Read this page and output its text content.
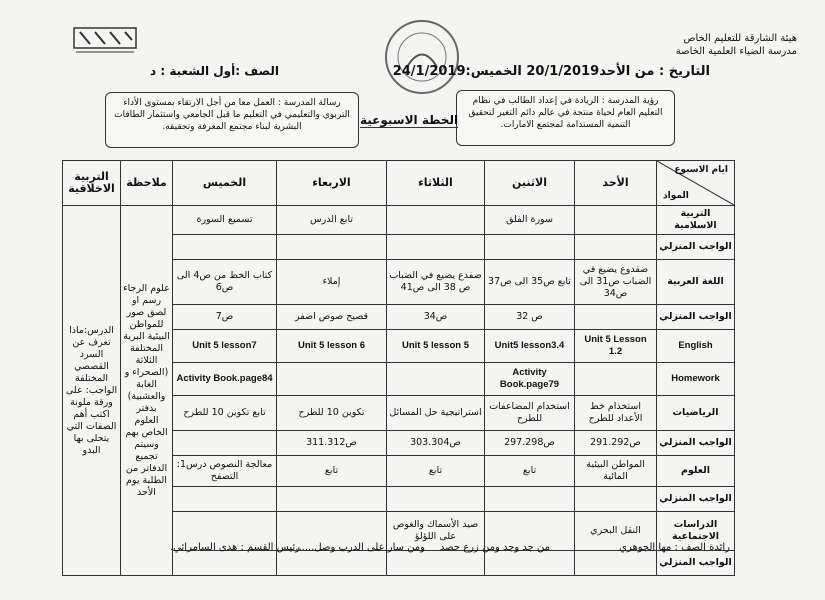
هيئة الشارقة للتعليم الخاص
مدرسة الضياء العلمية الخاصة
التاريخ : من الأحد20/1/2019 الخميس:24/1/2019
الصف :أول الشعبة : د
رؤية المدرسة : الريادة في إعداد الطالب في نظام التعليم العام لحياة منتجة في عالم دائم التغير لتحقيق التنمية المستدامة لمجتمع الامارات.
رسالة المدرسة : العمل معا من أجل الارتقاء بمستوى الأداء التربوي والتعليمي في التعليم ما قبل الجامعي واستثمار الطاقات البشرية لبناء مجتمع المعرفة وتحقيقه.	الخطة الاسبوعية
ايام الاسبوع
المواد	الأحد	الاثنين	الثلاثاء	الاربعاء	الخميس	ملاحظة	التربية الاخلاقية
التربية الاسلامية		سورة الفلق		تابع الدرس	تسميع السورة	علوم الرجاء رسم او لصق صور للمواطن البيئية البرية المختلفة الثلاثة (الصحراء و الغابة والعشبية) بدفتر العلوم الخاص بهم وسيتم تجميع الدفاتر من الطلبة يوم الأحد	الدرس:ماذا تعرف عن السرد القصصي المختلفة الواجب: على ورقة ملونة اكتب أهم الصفات التي يتحلى بها البدو
الواجب المنزلي							
اللغة العربية	ضفدوع يضيع في الضباب ص31 الى ص34	تابع ص35 الى ص37	ضفدع يضيع في الضباب ص 38 الى ص41	إملاء	كتاب الخط من ص4 الى ص6		
الواجب المنزلي		ص 32	ص34	قصيح صوص اصفر	ص7		
English	Unit 5 Lesson 1.2	Unit5 lesson3.4	Unit 5 lesson 5	Unit 5 lesson 6	Unit 5 lesson7		
Homework		Activity Book.page79			Activity Book.page84		
الرياضيات	استخدام خط الأعداد للطرح	استخدام المضاعفات للطرح	استراتيجية حل المسائل	تكوين 10 للطرح	تابع تكوين 10 للطرح		
الواجب المنزلي	ص291.292	ص297.298	ص303.304	ص311.312			
العلوم	المواطن البيئية المائية	تابع	تابع	تابع	معالجة النصوص درس1: التصفح		
الواجب المنزلي							
الدراسات الاجتماعية	النقل البحري		صيد الأسماك والغوص على اللؤلؤ				
الواجب المنزلي							
رائدة الصف : مها الجوهري
من جد وجد ومن زرع حصد
ومن سار على الدرب وصل......
رئيس القسم : هدى السامرائي.
